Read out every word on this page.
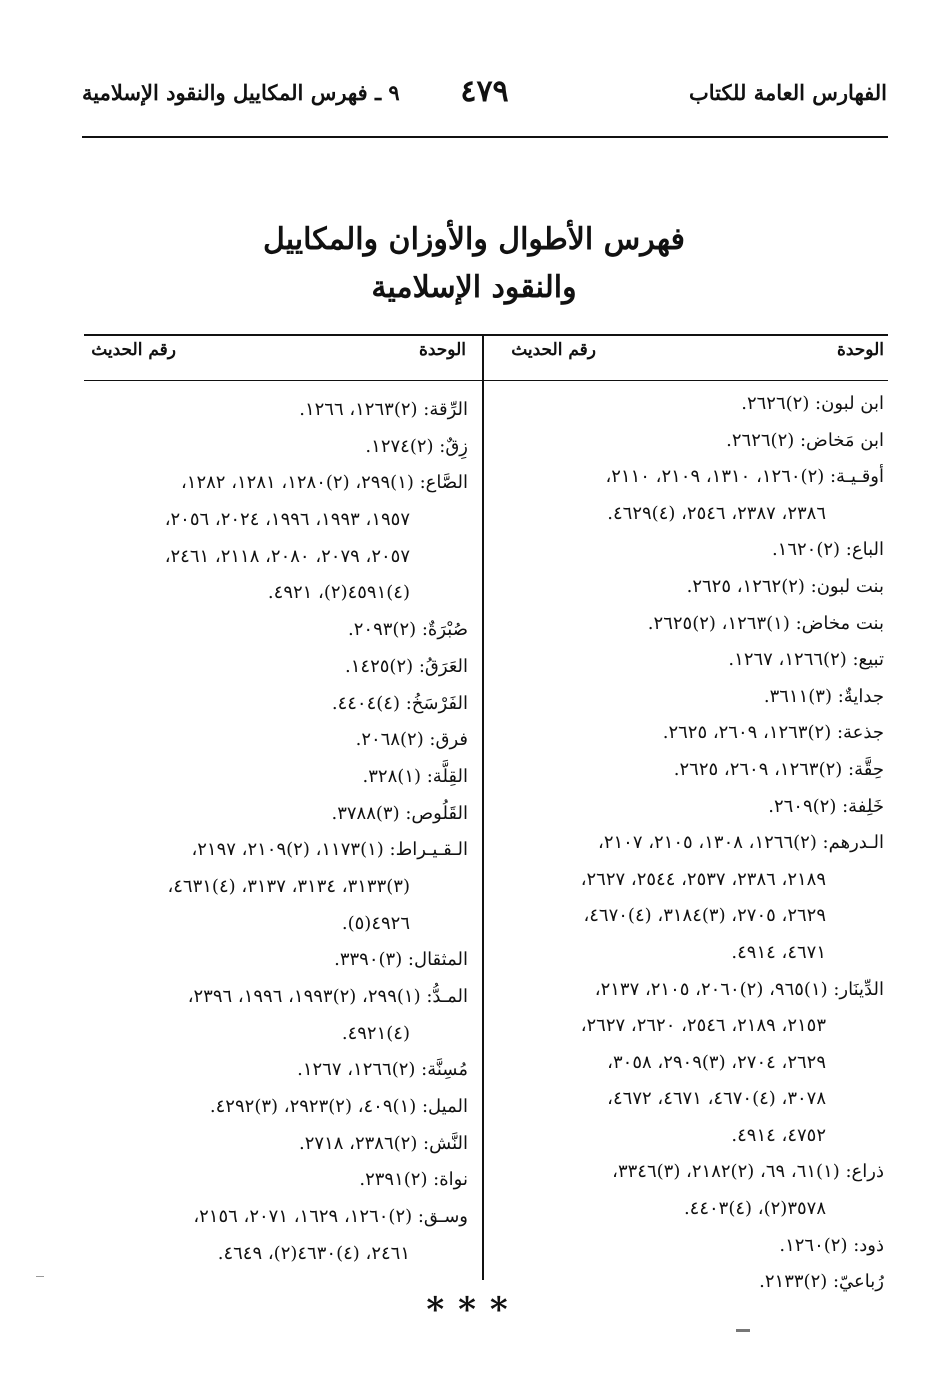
الفهارس العامة للكتاب
٤٧٩
٩ ـ فهرس المكاييل والنقود الإسلامية
فهرس الأطوال والأوزان والمكاييل
والنقود الإسلامية
الوحدة
رقم الحديث
الوحدة
رقم الحديث
ابن لبون: (٢)٢٦٢٦.
ابن مَخاض: (٢)٢٦٢٦.
أوقـيـة: (٢)١٢٦٠، ١٣١٠، ٢١٠٩، ٢١١٠،
٢٣٨٦، ٢٣٨٧، ٢٥٤٦، (٤)٤٦٢٩.
الباع: (٢)١٦٢٠.
بنت لبون: (٢)١٢٦٢، ٢٦٢٥.
بنت مخاض: (١)١٢٦٣، (٢)٢٦٢٥.
تبيع: (٢)١٢٦٦، ١٢٦٧.
جدايةٌ: (٣)٣٦١١.
جذعة: (٢)١٢٦٣، ٢٦٠٩، ٢٦٢٥.
حِقَّة: (٢)١٢٦٣، ٢٦٠٩، ٢٦٢٥.
خَلِفة: (٢)٢٦٠٩.
الـدرهم: (٢)١٢٦٦، ١٣٠٨، ٢١٠٥، ٢١٠٧،
٢١٨٩، ٢٣٨٦، ٢٥٣٧، ٢٥٤٤، ٢٦٢٧،
٢٦٢٩، ٢٧٠٥، (٣)٣١٨٤، (٤)٤٦٧٠،
٤٦٧١، ٤٩١٤.
الدِّينَار: (١)٩٦٥، (٢)٢٠٦٠، ٢١٠٥، ٢١٣٧،
٢١٥٣، ٢١٨٩، ٢٥٤٦، ٢٦٢٠، ٢٦٢٧،
٢٦٢٩، ٢٧٠٤، (٣)٢٩٠٩، ٣٠٥٨،
٣٠٧٨، (٤)٤٦٧٠، ٤٦٧١، ٤٦٧٢،
٤٧٥٢، ٤٩١٤.
ذراع: (١)٦١، ٦٩، (٢)٢١٨٢، (٣)٣٣٤٦،
٣٥٧٨(٢)، (٤)٤٤٠٣.
ذود: (٢)١٢٦٠.
رُباعيّ: (٢)٢١٣٣.
الرِّقة: (٢)١٢٦٣، ١٢٦٦.
زِقٌ: (٢)١٢٧٤.
الصَّاع: (١)٢٩٩، (٢)١٢٨٠، ١٢٨١، ١٢٨٢،
١٩٥٧، ١٩٩٣، ١٩٩٦، ٢٠٢٤، ٢٠٥٦،
٢٠٥٧، ٢٠٧٩، ٢٠٨٠، ٢١١٨، ٢٤٦١،
(٤)٤٥٩١(٢)، ٤٩٢١.
صُبْرَةٌ: (٢)٢٠٩٣.
العَرَقُ: (٢)١٤٢٥.
الفَرْسَخُ: (٤)٤٤٠٤.
فرق: (٢)٢٠٦٨.
القِلَّة: (١)٣٢٨.
القَلُوص: (٣)٣٧٨٨.
الـقـيـراط: (١)١١٧٣، (٢)٢١٠٩، ٢١٩٧،
(٣)٣١٣٣، ٣١٣٤، ٣١٣٧، (٤)٤٦٣١،
٤٩٢٦(٥).
المثقال: (٣)٣٣٩٠.
المـدُّ: (١)٢٩٩، (٢)١٩٩٣، ١٩٩٦، ٢٣٩٦،
(٤)٤٩٢١.
مُسِنَّة: (٢)١٢٦٦، ١٢٦٧.
الميل: (١)٤٠٩، (٢)٢٩٢٣، (٣)٤٢٩٢.
النَّش: (٢)٢٣٨٦، ٢٧١٨.
نواة: (٢)٢٣٩١.
وسـق: (٢)١٢٦٠، ١٦٢٩، ٢٠٧١، ٢١٥٦،
٢٤٦١، (٤)٤٦٣٠(٢)، ٤٦٤٩.
***
